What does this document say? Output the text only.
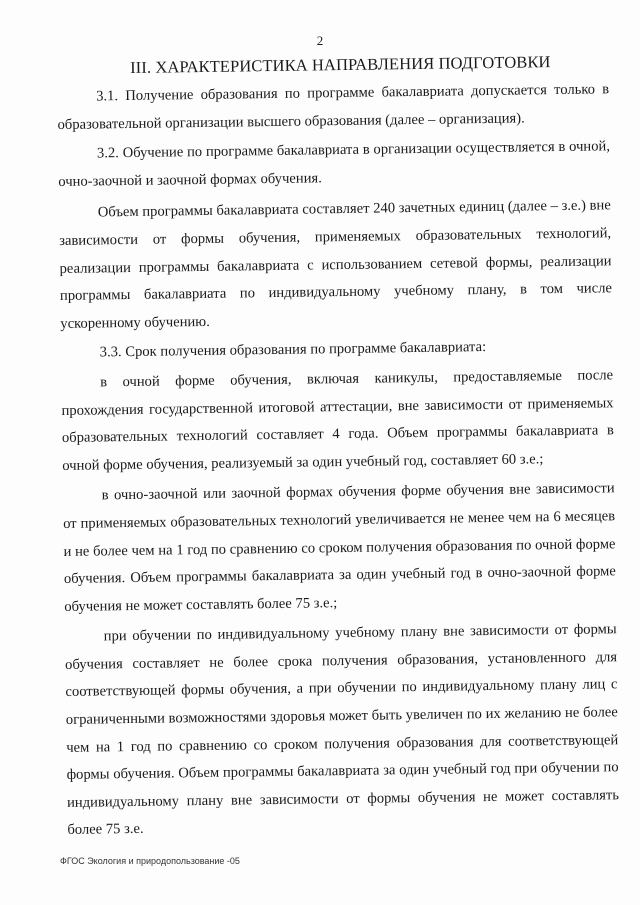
2
III. ХАРАКТЕРИСТИКА НАПРАВЛЕНИЯ ПОДГОТОВКИ

3.1. Получение образования по программе бакалавриата допускается только в образовательной организации высшего образования (далее – организация).

3.2. Обучение по программе бакалавриата в организации осуществляется в очной, очно-заочной и заочной формах обучения.

Объем программы бакалавриата составляет 240 зачетных единиц (далее – з.е.) вне зависимости от формы обучения, применяемых образовательных технологий, реализации программы бакалавриата с использованием сетевой формы, реализации программы бакалавриата по индивидуальному учебному плану, в том числе ускоренному обучению.

3.3. Срок получения образования по программе бакалавриата:

в очной форме обучения, включая каникулы, предоставляемые после прохождения государственной итоговой аттестации, вне зависимости от применяемых образовательных технологий составляет 4 года. Объем программы бакалавриата в очной форме обучения, реализуемый за один учебный год, составляет 60 з.е.;

в очно-заочной или заочной формах обучения форме обучения вне зависимости от применяемых образовательных технологий увеличивается не менее чем на 6 месяцев и не более чем на 1 год по сравнению со сроком получения образования по очной форме обучения. Объем программы бакалавриата за один учебный год в очно-заочной форме обучения не может составлять более 75 з.е.;

при обучении по индивидуальному учебному плану вне зависимости от формы обучения составляет не более срока получения образования, установленного для соответствующей формы обучения, а при обучении по индивидуальному плану лиц с ограниченными возможностями здоровья может быть увеличен по их желанию не более чем на 1 год по сравнению со сроком получения образования для соответствующей формы обучения. Объем программы бакалавриата за один учебный год при обучении по индивидуальному плану вне зависимости от формы обучения не может составлять более 75 з.е.

ФГОС Экология и природопользование -05
